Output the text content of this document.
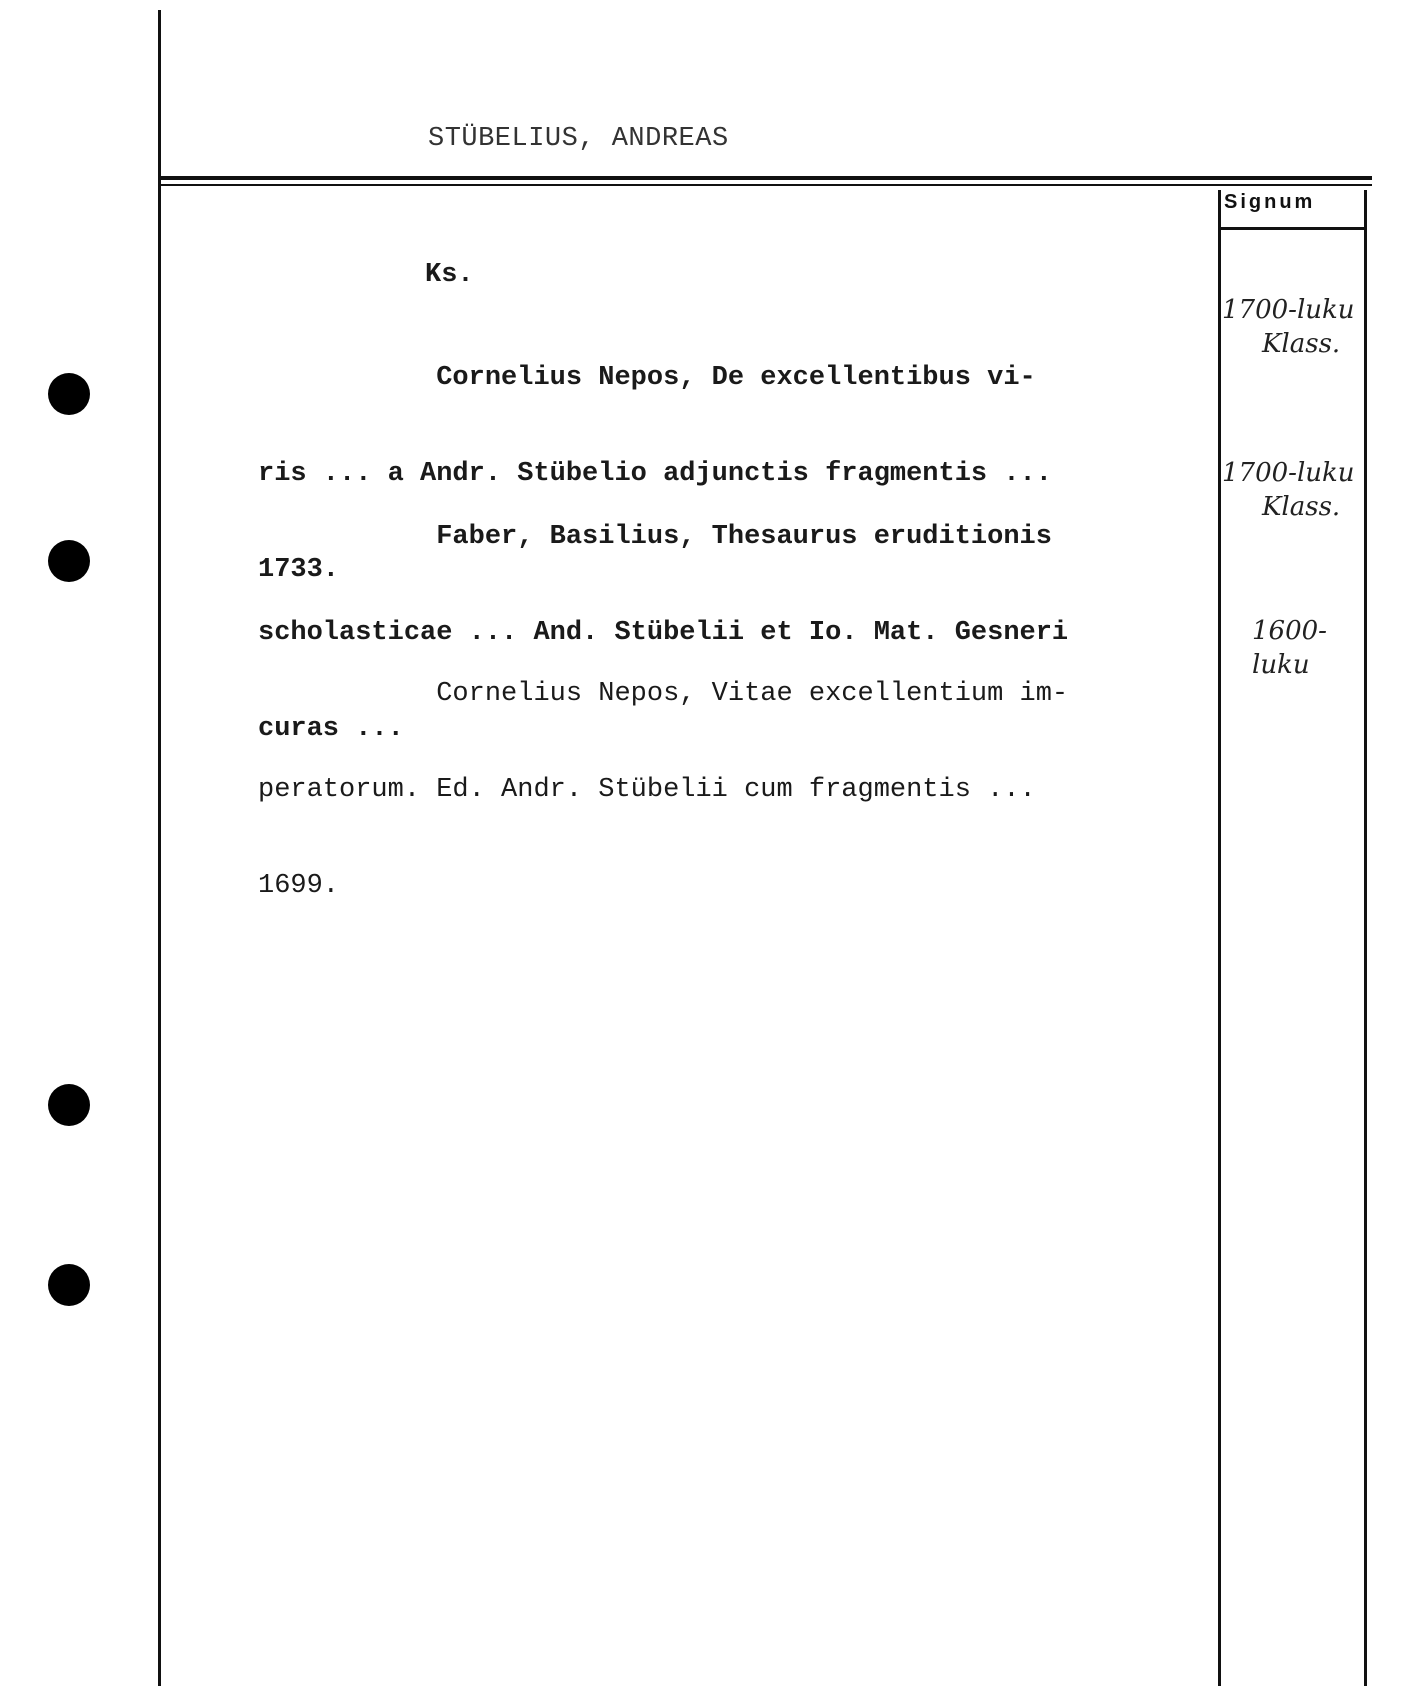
STÜBELIUS, ANDREAS
Signum
Ks.

Cornelius Nepos, De excellentibus vi-

ris ... a Andr. Stübelio adjunctis fragmentis ...

1733.

1700-luku
Klass.

Faber, Basilius, Thesaurus eruditionis

scholasticae ... And. Stübelii et Io. Mat. Gesneri

curas ...

1700-luku
Klass.

Cornelius Nepos, Vitae excellentium im-

peratorum. Ed. Andr. Stübelii cum fragmentis ...

1699.

1600-
luku
